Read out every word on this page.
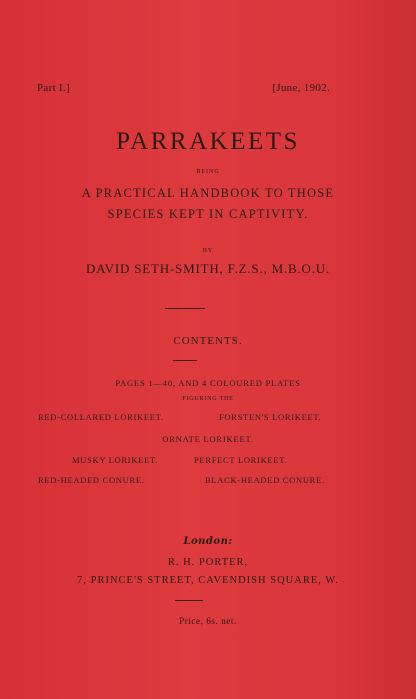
Part I.]	[June, 1902.
PARRAKEETS
BEING
A PRACTICAL HANDBOOK TO THOSE
SPECIES KEPT IN CAPTIVITY.
BY
DAVID SETH-SMITH, F.Z.S., M.B.O.U.
CONTENTS.
PAGES 1—40, AND 4 COLOURED PLATES
FIGURING THE
RED-COLLARED LORIKEET.	FORSTEN'S LORIKEET.
ORNATE LORIKEET.
MUSKY LORIKEET.	PERFECT LORIKEET.
RED-HEADED CONURE.	BLACK-HEADED CONURE.
London:
R. H. PORTER,
7, PRINCE'S STREET, CAVENDISH SQUARE, W.
Price, 6s. net.
